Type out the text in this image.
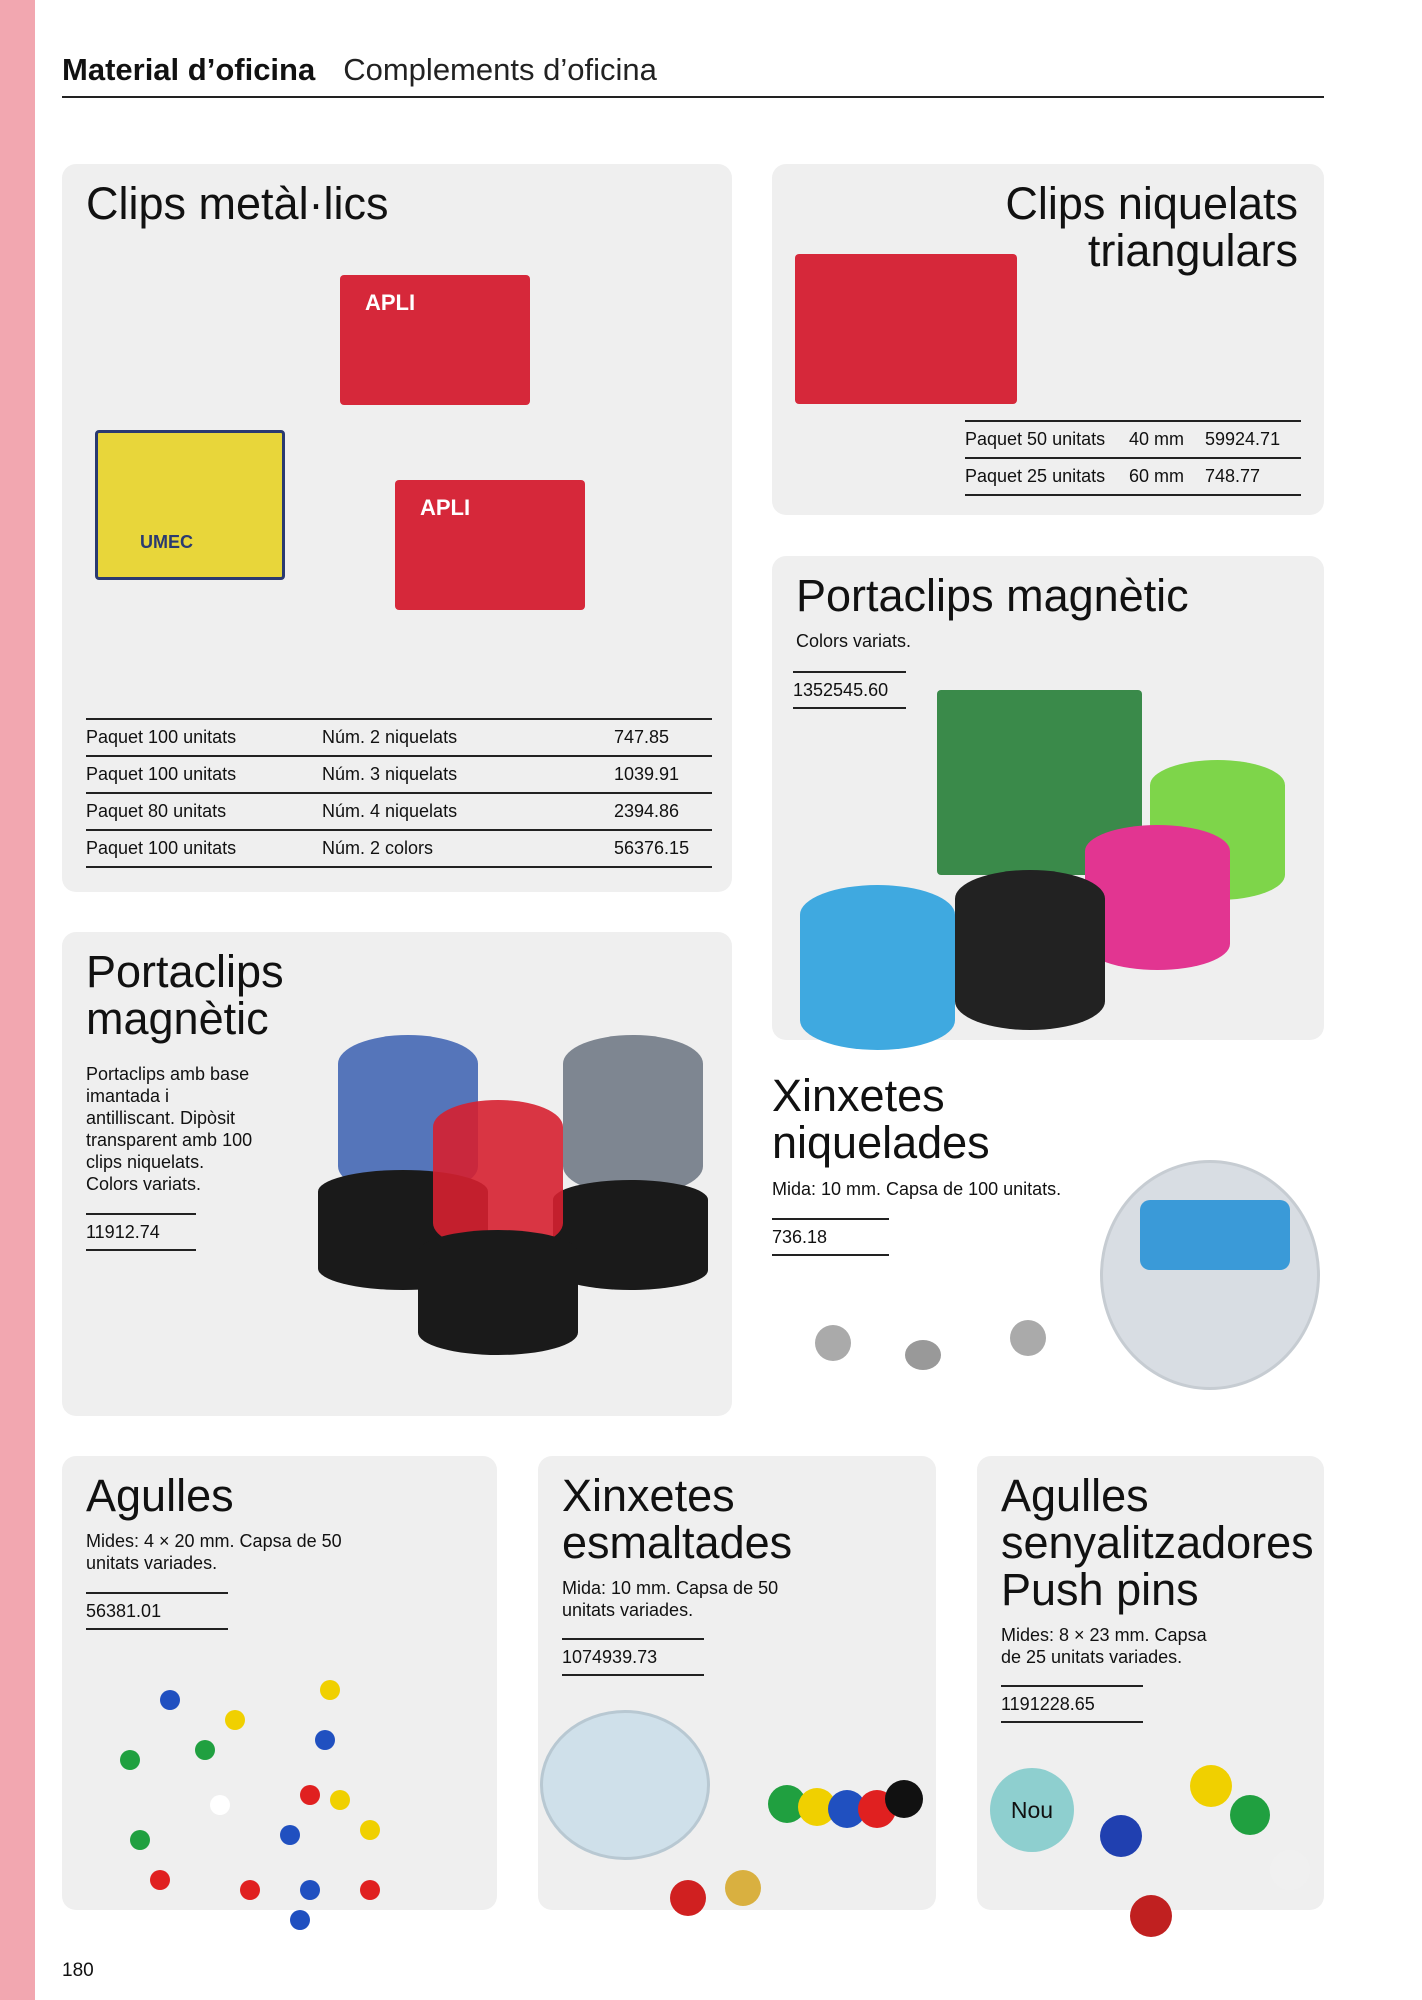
Material d’oficina Complements d’oficina
Clips metàl·lics
APLI
APLI
UMEC
Paquet 100 unitats	Núm. 2 niquelats	747.85
Paquet 100 unitats	Núm. 3 niquelats	1039.91
Paquet 80 unitats	Núm. 4 niquelats	2394.86
Paquet 100 unitats	Núm. 2 colors	56376.15
Clips niquelats
triangulars
Paquet 50 unitats	40 mm	59924.71
Paquet 25 unitats	60 mm	748.77
Portaclips magnètic
Colors variats.
1352545.60
Portaclips
magnètic
Portaclips amb base imantada i antilliscant. Dipòsit transparent amb 100 clips niquelats. Colors variats.
11912.74
Xinxetes
niquelades
Mida: 10 mm. Capsa de 100 unitats.
736.18
Agulles
Mides: 4 × 20 mm. Capsa de 50 unitats variades.
56381.01
Xinxetes
esmaltades
Mida: 10 mm. Capsa de 50 unitats variades.
1074939.73
Agulles
senyalitzadores
Push pins
Mides: 8 × 23 mm. Capsa de 25 unitats variades.
1191228.65
Nou
180
